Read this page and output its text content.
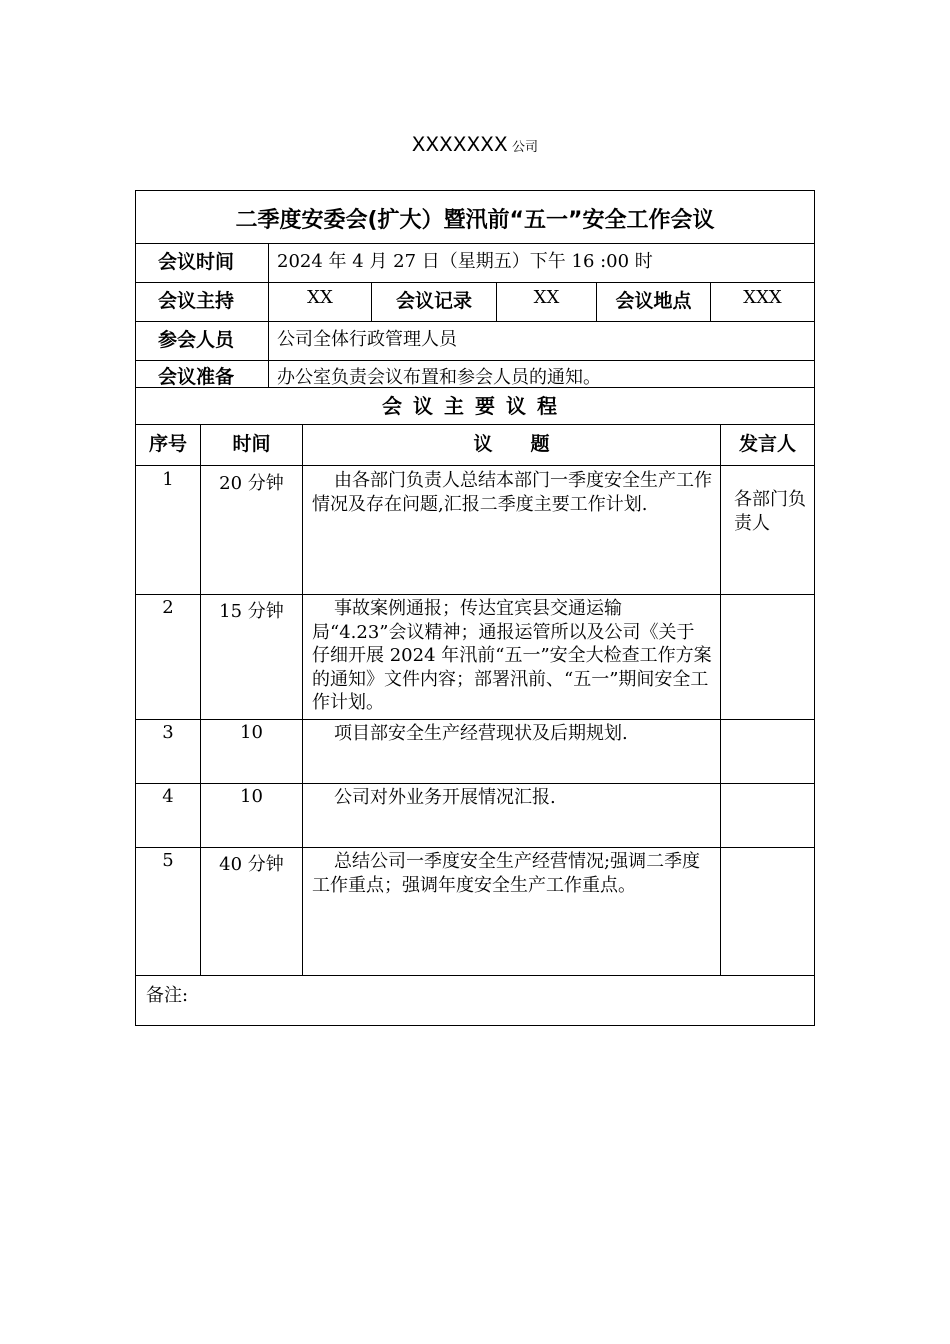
XXXXXXX 公司
二季度安委会(扩大）暨汛前“五一”安全工作会议
会议时间 2024 年 4 月 27 日（星期五）下午 16 :00 时
会议主持	XX	会议记录	XX	会议地点	XXX
参会人员 公司全体行政管理人员
会议准备 办公室负责会议布置和参会人员的通知。
会议主要议程
序号	时间	议　　题	发言人
1	20 分钟	由各部门负责人总结本部门一季度安全生产工作情况及存在问题,汇报二季度主要工作计划.	各部门负责人
2	15 分钟	事故案例通报；传达宜宾县交通运输局“4.23”会议精神；通报运管所以及公司《关于仔细开展 2024 年汛前“五一”安全大检查工作方案的通知》文件内容；部署汛前、“五一”期间安全工作计划。
3	10	项目部安全生产经营现状及后期规划.
4	10	公司对外业务开展情况汇报.
5	40 分钟	总结公司一季度安全生产经营情况;强调二季度工作重点；强调年度安全生产工作重点。
备注:
